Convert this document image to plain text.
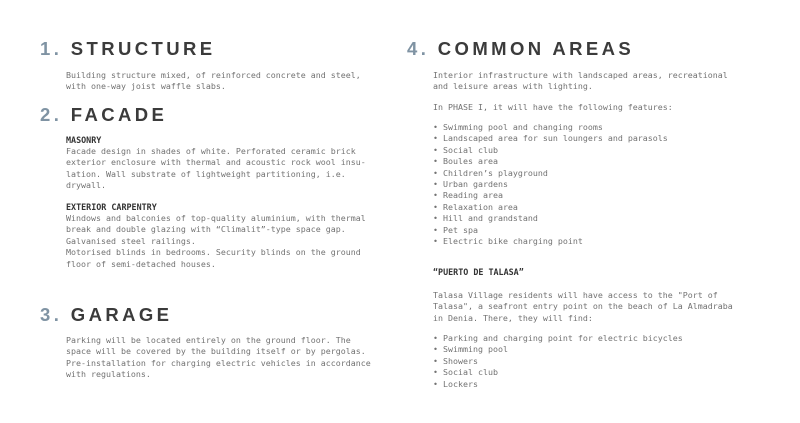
1. STRUCTURE

Building structure mixed, of reinforced concrete and steel,
with one-way joist waffle slabs.

2. FACADE

MASONRY

Facade design in shades of white. Perforated ceramic brick
exterior enclosure with thermal and acoustic rock wool insu-
lation. Wall substrate of lightweight partitioning, i.e.
drywall.

EXTERIOR CARPENTRY

Windows and balconies of top-quality aluminium, with thermal
break and double glazing with “Climalit”-type space gap.
Galvanised steel railings.
Motorised blinds in bedrooms. Security blinds on the ground
floor of semi-detached houses.

3. GARAGE

Parking will be located entirely on the ground floor. The
space will be covered by the building itself or by pergolas.
Pre-installation for charging electric vehicles in accordance
with regulations.

4. COMMON AREAS

Interior infrastructure with landscaped areas, recreational
and leisure areas with lighting.

In PHASE I, it will have the following features:

• Swimming pool and changing rooms
• Landscaped area for sun loungers and parasols
• Social club
• Boules area
• Children’s playground
• Urban gardens
• Reading area
• Relaxation area
• Hill and grandstand
• Pet spa
• Electric bike charging point

“PUERTO DE TALASA”

Talasa Village residents will have access to the "Port of
Talasa", a seafront entry point on the beach of La Almadraba
in Denia. There, they will find:

• Parking and charging point for electric bicycles
• Swimming pool
• Showers
• Social club
• Lockers
